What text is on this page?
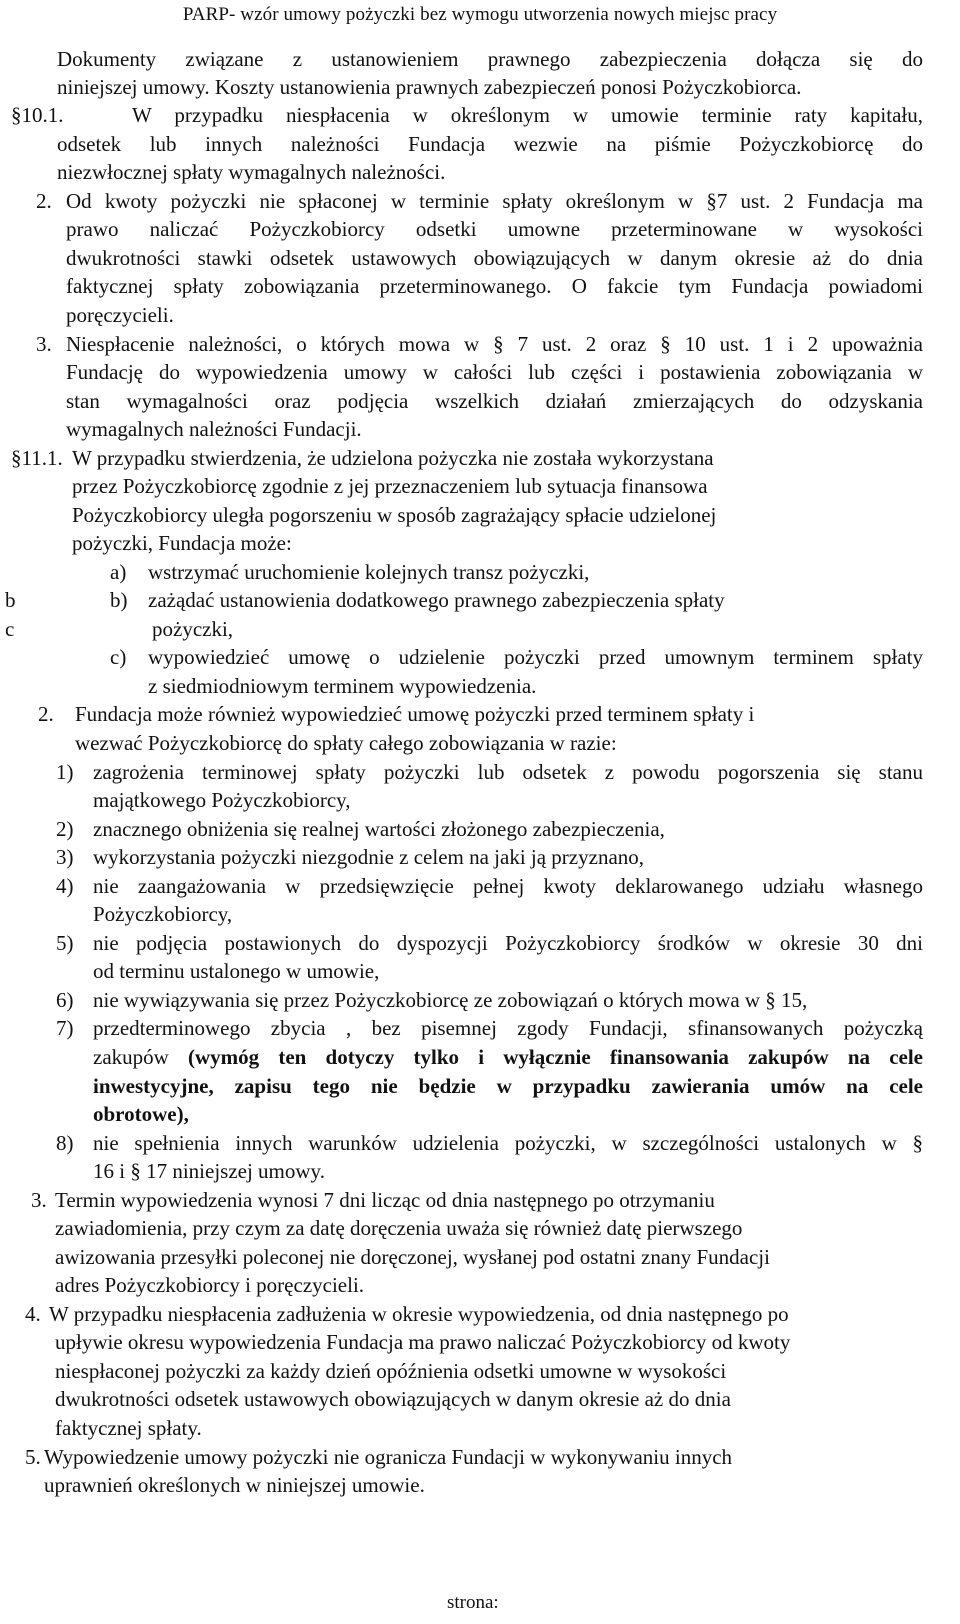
PARP- wzór umowy pożyczki bez wymogu utworzenia nowych miejsc pracy
Dokumenty związane z ustanowieniem prawnego zabezpieczenia dołącza się do
niniejszej umowy. Koszty ustanowienia prawnych zabezpieczeń ponosi Pożyczkobiorca.
§10.1.	W przypadku niespłacenia w określonym w umowie terminie raty kapitału,
odsetek lub innych należności Fundacja wezwie na piśmie Pożyczkobiorcę do
niezwłocznej spłaty wymagalnych należności.
2. Od kwoty pożyczki nie spłaconej w terminie spłaty określonym w §7 ust. 2 Fundacja ma
prawo naliczać Pożyczkobiorcy odsetki umowne przeterminowane w wysokości
dwukrotności stawki odsetek ustawowych obowiązujących w danym okresie aż do dnia
faktycznej spłaty zobowiązania przeterminowanego. O fakcie tym Fundacja powiadomi
poręczycieli.
3. Niespłacenie należności, o których mowa w § 7 ust. 2 oraz § 10 ust. 1 i 2 upoważnia
Fundację do wypowiedzenia umowy w całości lub części i postawienia zobowiązania w
stan wymagalności oraz podjęcia wszelkich działań zmierzających do odzyskania
wymagalnych należności Fundacji.
§11.1. W przypadku stwierdzenia, że udzielona pożyczka nie została wykorzystana
przez Pożyczkobiorcę zgodnie z jej przeznaczeniem lub sytuacja finansowa
Pożyczkobiorcy uległa pogorszeniu w sposób zagrażający spłacie udzielonej
pożyczki, Fundacja może:
a) wstrzymać uruchomienie kolejnych transz pożyczki,
b	b) zażądać ustanowienia dodatkowego prawnego zabezpieczenia spłaty
c	pożyczki,
c) wypowiedzieć umowę o udzielenie pożyczki przed umownym terminem spłaty
z siedmiodniowym terminem wypowiedzenia.
2. Fundacja może również wypowiedzieć umowę pożyczki przed terminem spłaty i
wezwać Pożyczkobiorcę do spłaty całego zobowiązania w razie:
1) zagrożenia terminowej spłaty pożyczki lub odsetek z powodu pogorszenia się stanu
majątkowego Pożyczkobiorcy,
2) znacznego obniżenia się realnej wartości złożonego zabezpieczenia,
3) wykorzystania pożyczki niezgodnie z celem na jaki ją przyznano,
4) nie zaangażowania w przedsięwzięcie pełnej kwoty deklarowanego udziału własnego
Pożyczkobiorcy,
5) nie podjęcia postawionych do dyspozycji Pożyczkobiorcy środków w okresie 30 dni
od terminu ustalonego w umowie,
6) nie wywiązywania się przez Pożyczkobiorcę ze zobowiązań o których mowa w § 15,
7) przedterminowego zbycia , bez pisemnej zgody Fundacji, sfinansowanych pożyczką
zakupów (wymóg ten dotyczy tylko i wyłącznie finansowania zakupów na cele
inwestycyjne, zapisu tego nie będzie w przypadku zawierania umów na cele
obrotowe),
8) nie spełnienia innych warunków udzielenia pożyczki, w szczególności ustalonych w §
16 i § 17 niniejszej umowy.
3. Termin wypowiedzenia wynosi 7 dni licząc od dnia następnego po otrzymaniu
zawiadomienia, przy czym za datę doręczenia uważa się również datę pierwszego
awizowania przesyłki poleconej nie doręczonej, wysłanej pod ostatni znany Fundacji
adres Pożyczkobiorcy i poręczycieli.
4. W przypadku niespłacenia zadłużenia w okresie wypowiedzenia, od dnia następnego po
upływie okresu wypowiedzenia Fundacja ma prawo naliczać Pożyczkobiorcy od kwoty
niespłaconej pożyczki za każdy dzień opóźnienia odsetki umowne w wysokości
dwukrotności odsetek ustawowych obowiązujących w danym okresie aż do dnia
faktycznej spłaty.
5. Wypowiedzenie umowy pożyczki nie ogranicza Fundacji w wykonywaniu innych
uprawnień określonych w niniejszej umowie.
strona:
